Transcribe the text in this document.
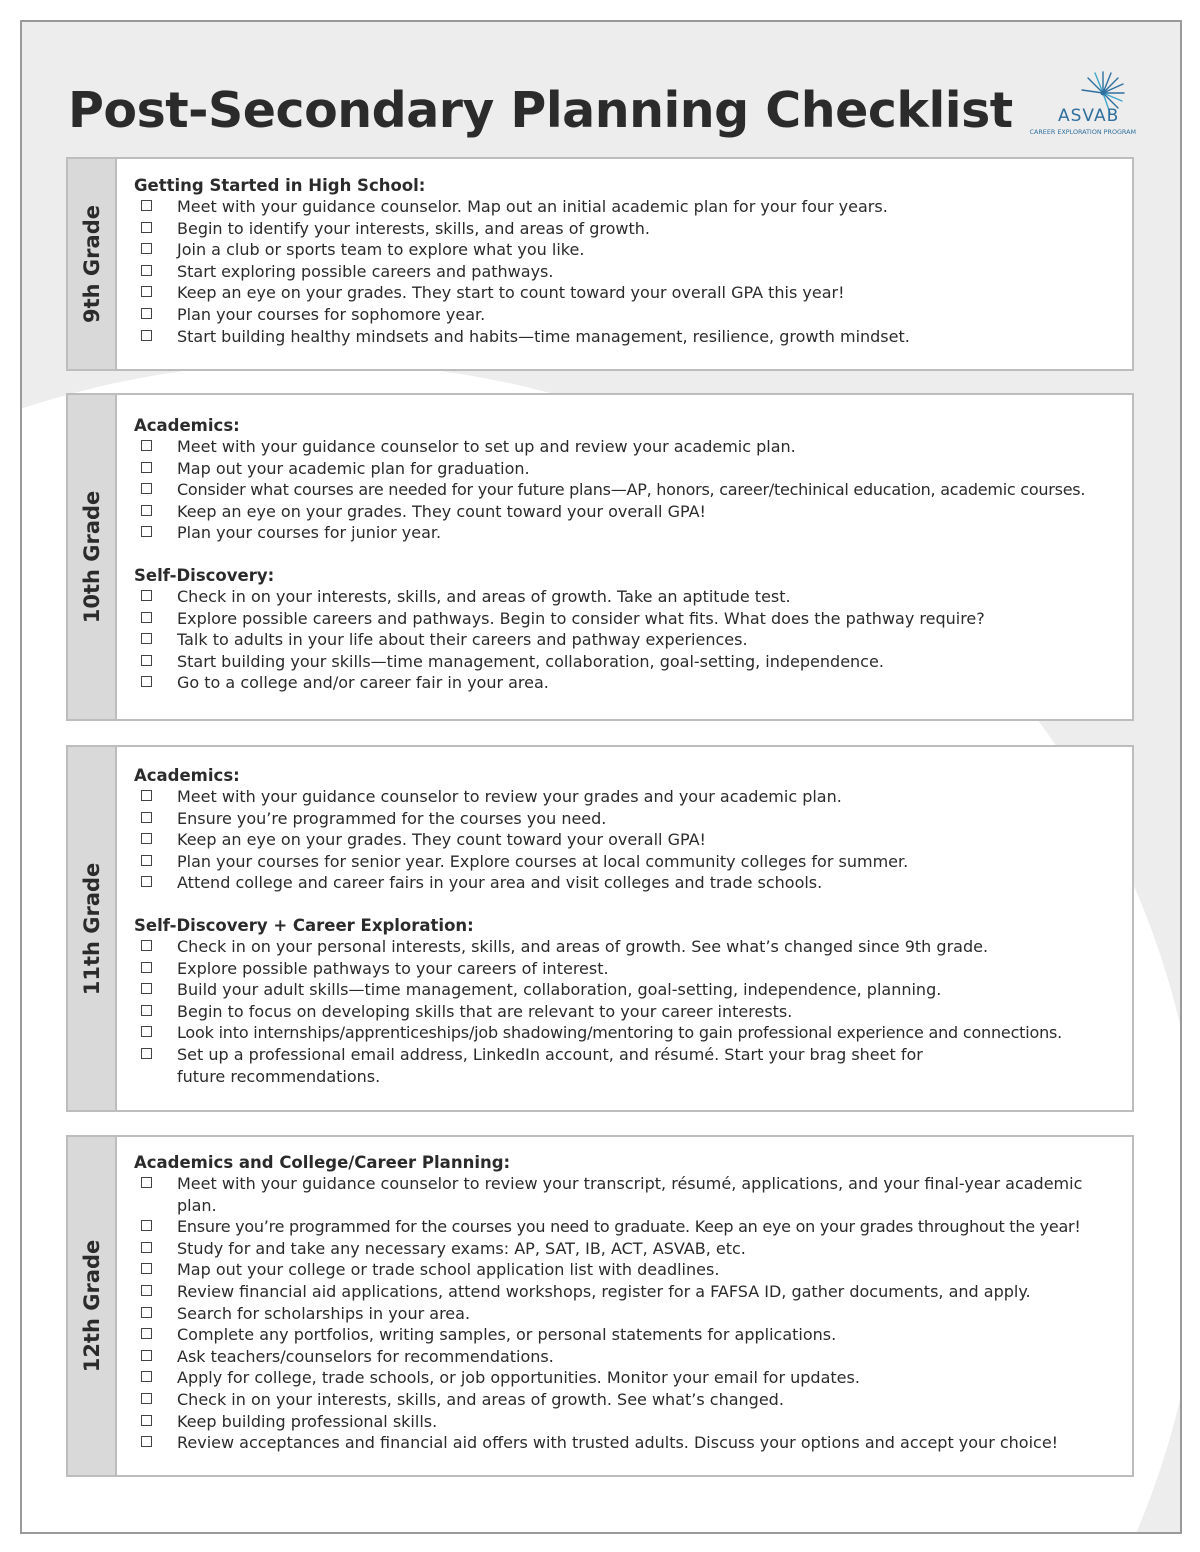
Post-Secondary Planning Checklist	ASVAB
CAREER EXPLORATION PROGRAM
9th Grade

Getting Started in High School:

Meet with your guidance counselor. Map out an initial academic plan for your four years.
Begin to identify your interests, skills, and areas of growth.
Join a club or sports team to explore what you like.
Start exploring possible careers and pathways.
Keep an eye on your grades. They start to count toward your overall GPA this year!
Plan your courses for sophomore year.
Start building healthy mindsets and habits—time management, resilience, growth mindset.
10th Grade

Academics:

Meet with your guidance counselor to set up and review your academic plan.
Map out your academic plan for graduation.
Consider what courses are needed for your future plans—AP, honors, career/techinical education, academic courses.
Keep an eye on your grades. They count toward your overall GPA!
Plan your courses for junior year.

Self-Discovery:

Check in on your interests, skills, and areas of growth. Take an aptitude test.
Explore possible careers and pathways. Begin to consider what fits. What does the pathway require?
Talk to adults in your life about their careers and pathway experiences.
Start building your skills—time management, collaboration, goal-setting, independence.
Go to a college and/or career fair in your area.
11th Grade

Academics:

Meet with your guidance counselor to review your grades and your academic plan.
Ensure you’re programmed for the courses you need.
Keep an eye on your grades. They count toward your overall GPA!
Plan your courses for senior year. Explore courses at local community colleges for summer.
Attend college and career fairs in your area and visit colleges and trade schools.

Self-Discovery + Career Exploration:

Check in on your personal interests, skills, and areas of growth. See what’s changed since 9th grade.
Explore possible pathways to your careers of interest.
Build your adult skills—time management, collaboration, goal-setting, independence, planning.
Begin to focus on developing skills that are relevant to your career interests.
Look into internships/apprenticeships/job shadowing/mentoring to gain professional experience and connections.
Set up a professional email address, LinkedIn account, and résumé. Start your brag sheet for future recommendations.
12th Grade

Academics and College/Career Planning:

Meet with your guidance counselor to review your transcript, résumé, applications, and your final-year academic plan.
Ensure you’re programmed for the courses you need to graduate. Keep an eye on your grades throughout the year!
Study for and take any necessary exams: AP, SAT, IB, ACT, ASVAB, etc.
Map out your college or trade school application list with deadlines.
Review financial aid applications, attend workshops, register for a FAFSA ID, gather documents, and apply.
Search for scholarships in your area.
Complete any portfolios, writing samples, or personal statements for applications.
Ask teachers/counselors for recommendations.
Apply for college, trade schools, or job opportunities. Monitor your email for updates.
Check in on your interests, skills, and areas of growth. See what’s changed.
Keep building professional skills.
Review acceptances and financial aid offers with trusted adults. Discuss your options and accept your choice!
